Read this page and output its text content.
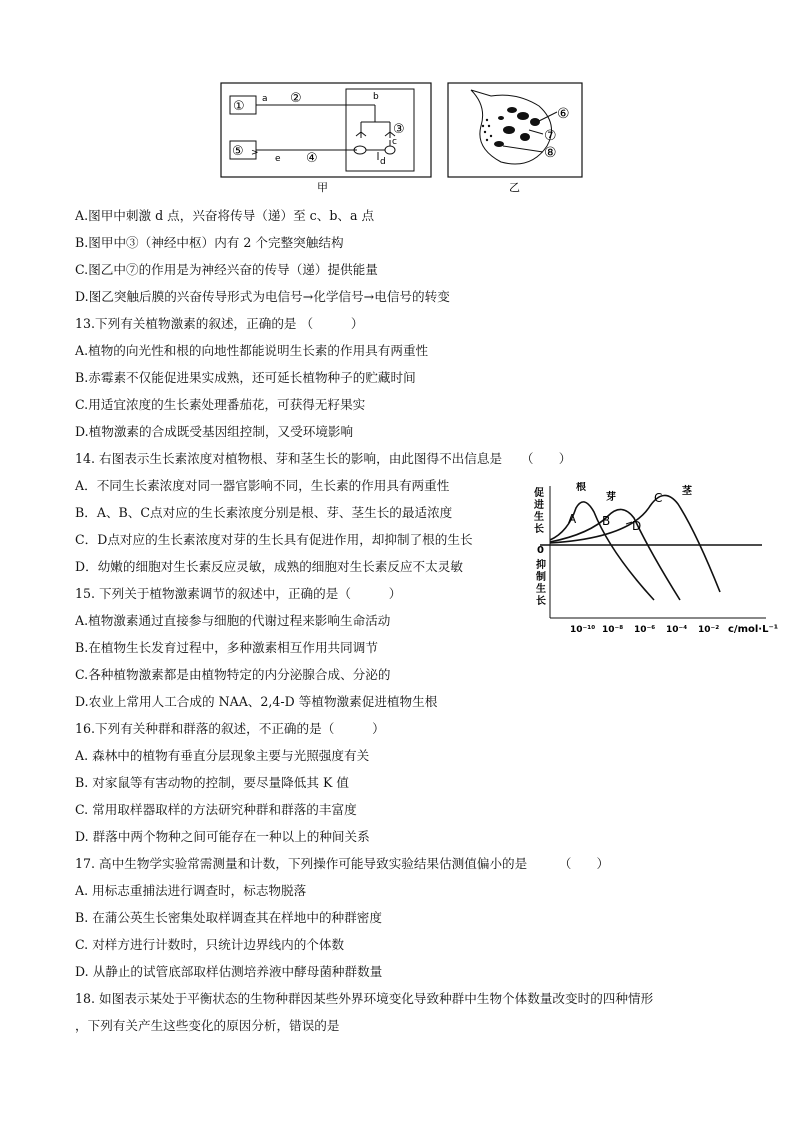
①
⑤ >
a ②
e ④
b
③
c
d
甲
⑥
⑦
⑧
乙
A.图甲中刺激 d 点，兴奋将传导（递）至 c、b、a 点
B.图甲中③（神经中枢）内有 2 个完整突触结构
C.图乙中⑦的作用是为神经兴奋的传导（递）提供能量
D.图乙突触后膜的兴奋传导形式为电信号→化学信号→电信号的转变
13.下列有关植物激素的叙述，正确的是 （　　　）
A.植物的向光性和根的向地性都能说明生长素的作用具有两重性
B.赤霉素不仅能促进果实成熟，还可延长植物种子的贮藏时间
C.用适宜浓度的生长素处理番茄花，可获得无籽果实
D.植物激素的合成既受基因组控制，又受环境影响
14. 右图表示生长素浓度对植物根、芽和茎生长的影响，由此图得不出信息是　　（　　）
A．不同生长素浓度对同一器官影响不同，生长素的作用具有两重性
B．A、B、C点对应的生长素浓度分别是根、芽、茎生长的最适浓度
C．D点对应的生长素浓度对芽的生长具有促进作用，却抑制了根的生长
D．幼嫩的细胞对生长素反应灵敏，成熟的细胞对生长素反应不太灵敏
0
促
进
生
长
抑
制
生
长
根
A
芽
B
茎
C
D
10⁻¹⁰ 10⁻⁸ 10⁻⁶ 10⁻⁴ 10⁻² c/mol·L⁻¹
15. 下列关于植物激素调节的叙述中，正确的是（　　　）
A.植物激素通过直接参与细胞的代谢过程来影响生命活动
B.在植物生长发育过程中，多种激素相互作用共同调节
C.各种植物激素都是由植物特定的内分泌腺合成、分泌的
D.农业上常用人工合成的 NAA、2,4-D 等植物激素促进植物生根
16.下列有关种群和群落的叙述，不正确的是（　　　）
A. 森林中的植物有垂直分层现象主要与光照强度有关
B. 对家鼠等有害动物的控制，要尽量降低其 K 值
C. 常用取样器取样的方法研究种群和群落的丰富度
D. 群落中两个物种之间可能存在一种以上的种间关系
17. 高中生物学实验常需测量和计数，下列操作可能导致实验结果估测值偏小的是　　　（　　）
A. 用标志重捕法进行调查时，标志物脱落
B. 在蒲公英生长密集处取样调查其在样地中的种群密度
C. 对样方进行计数时，只统计边界线内的个体数
D. 从静止的试管底部取样估测培养液中酵母菌种群数量
18. 如图表示某处于平衡状态的生物种群因某些外界环境变化导致种群中生物个体数量改变时的四种情形
，下列有关产生这些变化的原因分析，错误的是
